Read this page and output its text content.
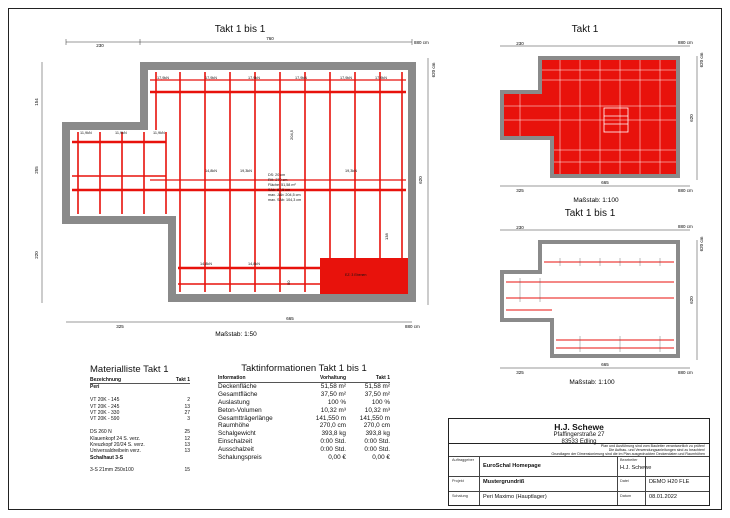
Takt 1 bis 1	Takt 1
Takt 1 bis 1
230
760
880 cm
620 cm
620
154
255
220
325
665
880 cm
EZ: 3 Ebenen
17,9kN	17,9kN	17,9kN	17,9kN	17,9kN	17,9kN
11,9kN	11,9kN	11,9kN
19,3kN	19,3kN
14,8kN
14,8kN	14,8kN
204,5
138
50
DS: 20 cm
RH: 270 cm
Fläche: 51,58 m²
SAb: 82,5 cm
max. JAb: 204,5 cm
max. SAb: 104,3 cm
Maßstab: 1:50
230	880 cm
620 cm
620
325
665
880 cm
Maßstab: 1:100
230	880 cm
620 cm
620
325
665
880 cm
Maßstab: 1:100
Materialliste Takt 1
Bezeichnung	Takt 1
Peri
VT 20K - 145	2
VT 20K - 245	13
VT 20K - 330	27
VT 20K - 590	3
DS 260 N	25
Klauenkopf 24 S. verz.	12
Kreuzkopf 20/24 S. verz.	13
Universaldreibein verz.	13
Schalhaut 3-S
3-S 21mm 250x100	15
Taktinformationen Takt 1 bis 1
Information	Vorhaltung	Takt 1
Deckenfläche	51,58 m²	51,58 m²
Gesamtfläche	37,50 m²	37,50 m²
Auslastung	100 %	100 %
Beton-Volumen	10,32 m³	10,32 m³
Gesamtträgerlänge	141,550 m	141,550 m
Raumhöhe	270,0 cm	270,0 cm
Schalgewicht	393,8 kg	393,8 kg
Einschalzeit	0:00 Std.	0:00 Std.
Ausschalzeit	0:00 Std.	0:00 Std.
Schalungspreis	0,00 €	0,00 €
H.J. Schewe
Pfaffingerstraße 27
83533 Edling
Plan und Ausführung sind vom Bauleiter verantwortlich zu prüfen!
Die Aufbau- und Verwendungsanleitungen sind zu beachten!
Grundlagen der Dimensionierung sind die im Plan ausgedruckten Deckendaten und Raumhöhen
Auftraggeber
EuroSchal Homepage
Bearbeiter
H.J. Schewe
Projekt	Mustergrundriß	Datei	DEMO H20 FLE
Schalung	Peri Maximo (Hauptlager)	Datum	08.01.2022
